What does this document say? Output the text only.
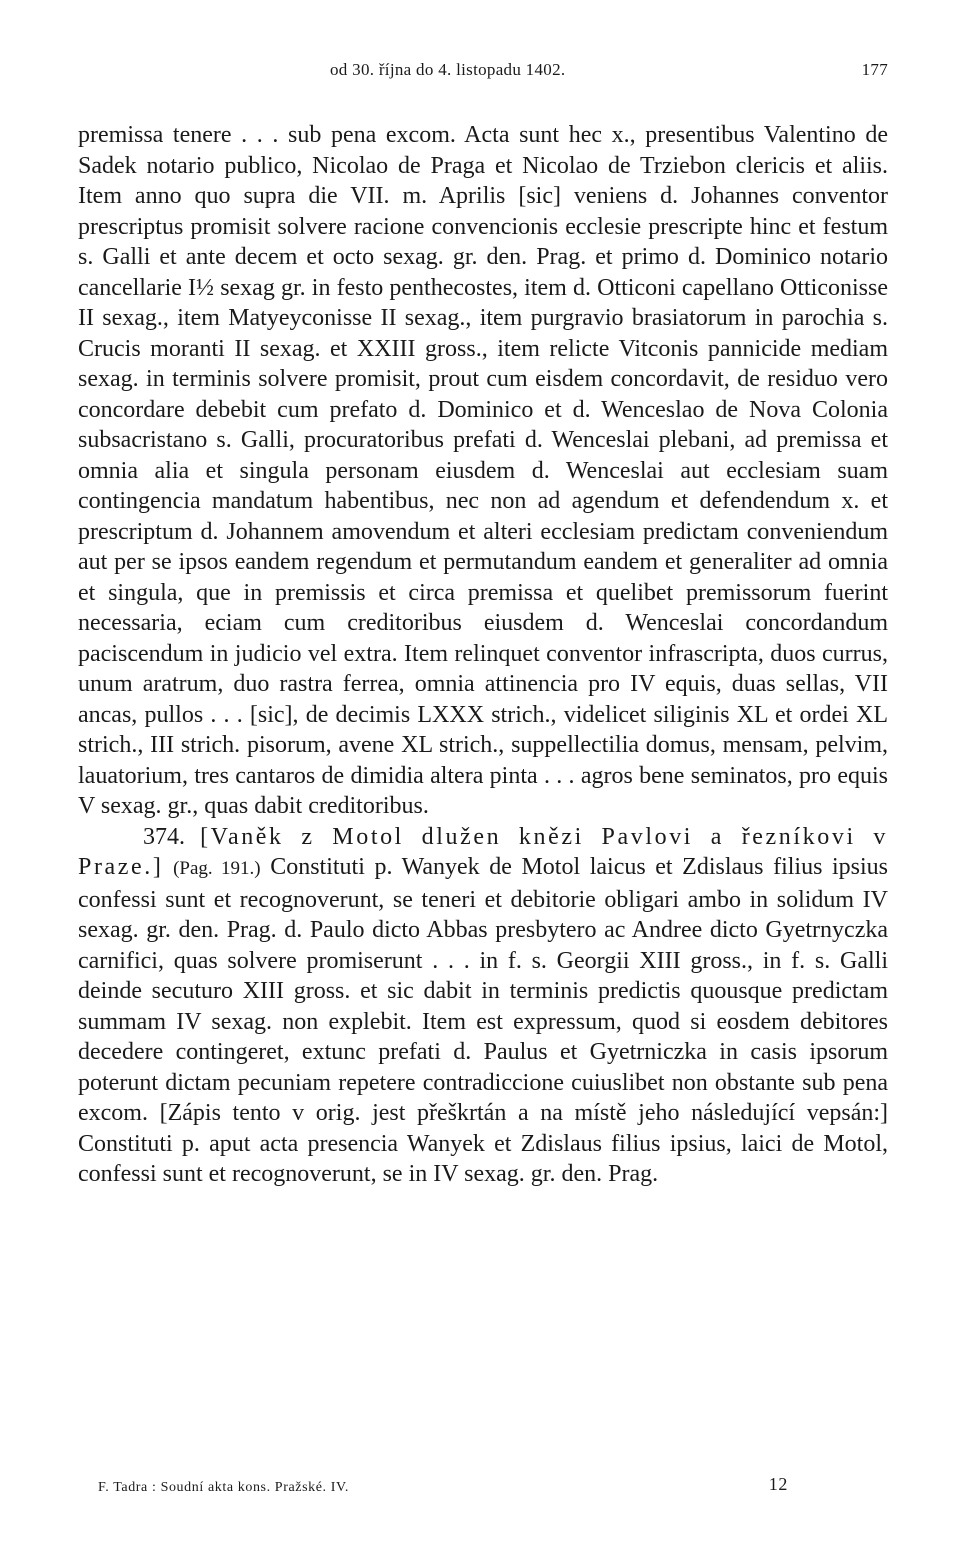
od 30. října do 4. listopadu 1402.	177

premissa tenere . . . sub pena excom. Acta sunt hec x., presentibus Valentino de Sadek notario publico, Nicolao de Praga et Nicolao de Trziebon clericis et aliis. Item anno quo supra die VII. m. Aprilis [sic] veniens d. Johannes conventor prescriptus promisit solvere racione convencionis ecclesie prescripte hinc et festum s. Galli et ante decem et octo sexag. gr. den. Prag. et primo d. Dominico notario cancellarie I½ sexag gr. in festo penthecostes, item d. Otticoni capellano Otticonisse II sexag., item Matyeyconisse II sexag., item purgravio brasiatorum in parochia s. Crucis moranti II sexag. et XXIII gross., item relicte Vitconis pannicide mediam sexag. in terminis solvere promisit, prout cum eisdem concordavit, de residuo vero concordare debebit cum prefato d. Dominico et d. Wenceslao de Nova Colonia subsacristano s. Galli, procuratoribus prefati d. Wenceslai plebani, ad premissa et omnia alia et singula personam eiusdem d. Wenceslai aut ecclesiam suam contingencia mandatum habentibus, nec non ad agendum et defendendum x. et prescriptum d. Johannem amovendum et alteri ecclesiam predictam conveniendum aut per se ipsos eandem regendum et permutandum eandem et generaliter ad omnia et singula, que in premissis et circa premissa et quelibet premissorum fuerint necessaria, eciam cum creditoribus eiusdem d. Wenceslai concordandum paciscendum in judicio vel extra. Item relinquet conventor infrascripta, duos currus, unum aratrum, duo rastra ferrea, omnia attinencia pro IV equis, duas sellas, VII ancas, pullos . . . [sic], de decimis LXXX strich., videlicet siliginis XL et ordei XL strich., III strich. pisorum, avene XL strich., suppellectilia domus, mensam, pelvim, lauatorium, tres cantaros de dimidia altera pinta . . . agros bene seminatos, pro equis V sexag. gr., quas dabit creditoribus.

374. [Vaněk z Motol dlužen knězi Pavlovi a řezníkovi v Praze.] (Pag. 191.) Constituti p. Wanyek de Motol laicus et Zdislaus filius ipsius confessi sunt et recognoverunt, se teneri et debitorie obligari ambo in solidum IV sexag. gr. den. Prag. d. Paulo dicto Abbas presbytero ac Andree dicto Gyetrnyczka carnifici, quas solvere promiserunt . . . in f. s. Georgii XIII gross., in f. s. Galli deinde secuturo XIII gross. et sic dabit in terminis predictis quousque predictam summam IV sexag. non explebit. Item est expressum, quod si eosdem debitores decedere contingeret, extunc prefati d. Paulus et Gyetrniczka in casis ipsorum poterunt dictam pecuniam repetere contradiccione cuiuslibet non obstante sub pena excom. [Zápis tento v orig. jest přeškrtán a na místě jeho následující vepsán:] Constituti p. aput acta presencia Wanyek et Zdislaus filius ipsius, laici de Motol, confessi sunt et recognoverunt, se in IV sexag. gr. den. Prag.

F. Tadra : Soudní akta kons. Pražské. IV.	12
